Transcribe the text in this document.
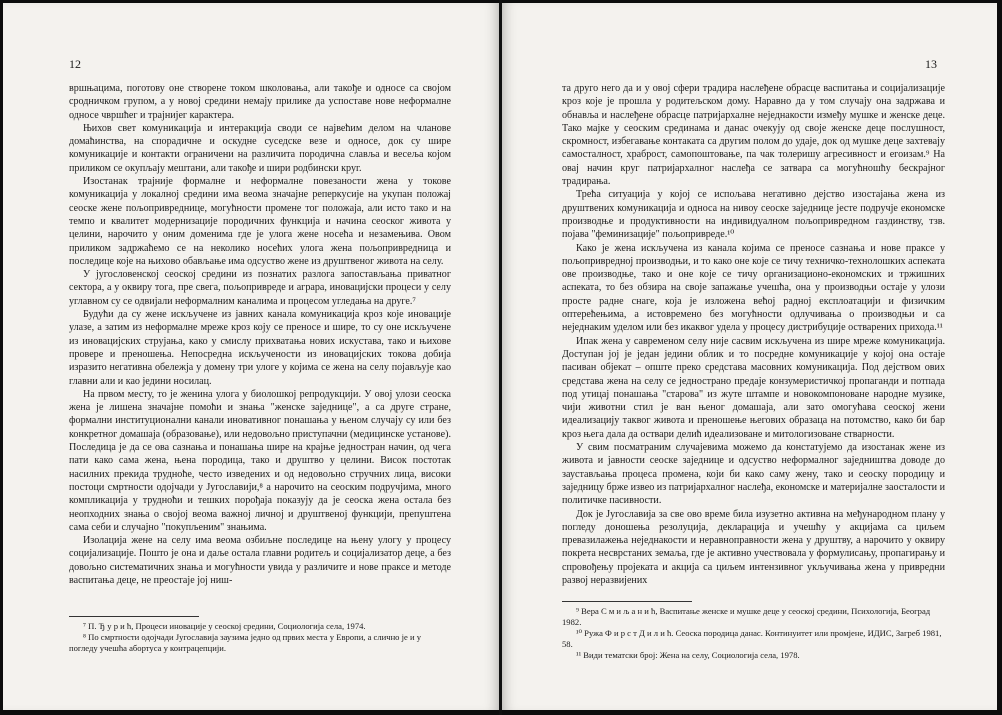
12

вршњацима, поготову оне створене током школовања, али такође и односе са својом сродничком групом, а у новој средини немају прилике да успоставе нове неформалне односе чвршћег и трајнијег карактера.

Њихов свет комуникација и интеракција своди се највећим делом на чланове домаћинства, на спорадичне и оскудне суседске везе и односе, док су шире комуникације и контакти ограничени на различита породична славља и весеља којом приликом се окупљају мештани, али такође и шири родбински круг.

Изостанак трајније формалне и неформалне повезаности жена у токове комуникација у локалној средини има веома значајне реперкусије на укупан положај сеоске жене пољопривреднице, могућности промене тог положаја, али исто тако и на темпо и квалитет модернизације породичних функција и начина сеоског живота у целини, нарочито у оним доменима где је улога жене носећа и незамењива. Овом приликом задржаћемо се на неколико носећих улога жена пољопривредница и последице које на њихово обављање има одсуство жене из друштвеног живота на селу.

У југословенској сеоској средини из познатих разлога запостављања приватног сектора, а у оквиру тога, пре свега, пољопривреде и аграра, иновацијски процеси у селу углавном су се одвијали неформалним каналима и процесом угледања на друге.⁷

Будући да су жене искључене из јавних канала комуникација кроз које иновације улазе, а затим из неформалне мреже кроз коју се преносе и шире, то су оне искључене из иновацијских струјања, како у смислу прихватања нових искустава, тако и њихове провере и преношења. Непосредна искључености из иновацијских токова добија изразито негативна обележја у домену три улоге у којима се жена на селу појављује као главни али и као једини носилац.

На првом месту, то је женина улога у биолошкој репродукцији. У овој улози сеоска жена је лишена значајне помоћи и знања "женске заједнице", а са друге стране, формални институционални канали иновативног понашања у њеном случају су или без конкретног домашаја (образовање), или недовољно приступачни (медицинске установе). Последица је да се ова сазнања и понашања шире на крајње једностран начин, од чега пати како сама жена, њена породица, тако и друштво у целини. Висок постотак насилних прекида трудноће, често изведених и од недовољно стручних лица, високи постоци смртности одојчади у Југославији,⁸ а нарочито на сеоским подручјима, много компликација у трудноћи и тешких порођаја показују да је сеоска жена остала без неопходних знања о својој веома важној личној и друштвеној функцији, препуштена сама себи и случајно "покупљеним" знањима.

Изолација жене на селу има веома озбиљне последице на њену улогу у процесу социјализације. Пошто је она и даље остала главни родитељ и социјализатор деце, а без довољно систематичних знања и могућности увида у различите и нове праксе и методе васпитања деце, не преостаје јој ниш-

⁷ П. Ђ у р и ћ, Процеси иновације у сеоској средини, Социологија села, 1974.

⁸ По смртности одојчади Југославија заузима једно од првих места у Европи, а слично је и у погледу учешћа абортуса у контрацепцији.

13

та друго него да и у овој сфери традира наслеђене обрасце васпитања и социјализације кроз које је прошла у родитељском дому. Наравно да у том случају она задржава и обнавља и наслеђене обрасце патријархалне неједнакости између мушке и женске деце. Тако мајке у сеоским срединама и данас очекују од своје женске деце послушност, скромност, избегавање контаката са другим полом до удаје, док од мушке деце захтевају самосталност, храброст, самопоштовање, па чак толеришу агресивност и егоизам.⁹ На овај начин круг патријархалног наслеђа се затвара са могућношћу бескрајног традирања.

Трећа ситуација у којој се испољава негативно дејство изостајања жена из друштвених комуникација и односа на нивоу сеоске заједнице јесте подручје економске производње и продуктивности на индивидуалном пољопривредном газдинству, тзв. појава "феминизације" пољопривреде.¹⁰

Како је жена искључена из канала којима се преносе сазнања и нове праксе у пољопривредној производњи, и то како оне које се тичу техничко-технолошких аспеката ове производње, тако и оне које се тичу организационо-економских и тржишних аспеката, то без обзира на своје запажање учешћа, она у производњи остаје у улози просте радне снаге, која је изложена већој радној експлоатацији и физичким оптерећењима, а истовремено без могућности одлучивања о производњи и са неједнаким уделом или без икаквог удела у процесу дистрибуције остварених прихода.¹¹

Ипак жена у савременом селу није сасвим искључена из шире мреже комуникација. Доступан јој је један једини облик и то посредне комуникације у којој она остаје пасиван објекат – опште преко средстава масовних комуникација. Под дејством ових средстава жена на селу се једнострано предаје конзумеристичкој пропаганди и потпада под утицај понашања "старова" из жуте штампе и новокомпоноване народне музике, чији животни стил је ван њеног домашаја, али зато омогућава сеоској жени идеализацију таквог живота и преношење његових образаца на потомство, како би бар кроз њега дала да оствари делић идеализоване и митологизоване стварности.

У свим посматраним случајевима можемо да констатујемо да изостанак жене из живота и јавности сеоске заједнице и одсуство неформалног заједништва доводе до заустављања процеса промена, који би како саму жену, тако и сеоску породицу и заједницу брже извео из патријархалног наслеђа, економске и материјалне заосталости и политичке пасивности.

Док је Југославија за све ово време била изузетно активна на међународном плану у погледу доношења резолуција, декларација и учешћу у акцијама са циљем превазилажења неједнакости и неравноправности жена у друштву, а нарочито у оквиру покрета несврстаних земаља, где је активно учествовала у формулисању, пропагирању и спровођењу пројеката и акција са циљем интензивног укључивања жена у привредни развој неразвијених

⁹ Вера С м и љ а н и ћ, Васпитање женске и мушке деце у сеоској средини, Психологија, Београд 1982.

¹⁰ Ружа Ф и р с т Д и л и ћ. Сеоска породица данас. Континуитет или промјене, ИДИС, Загреб 1981, 58.

¹¹ Види тематски број: Жена на селу, Социологија села, 1978.
